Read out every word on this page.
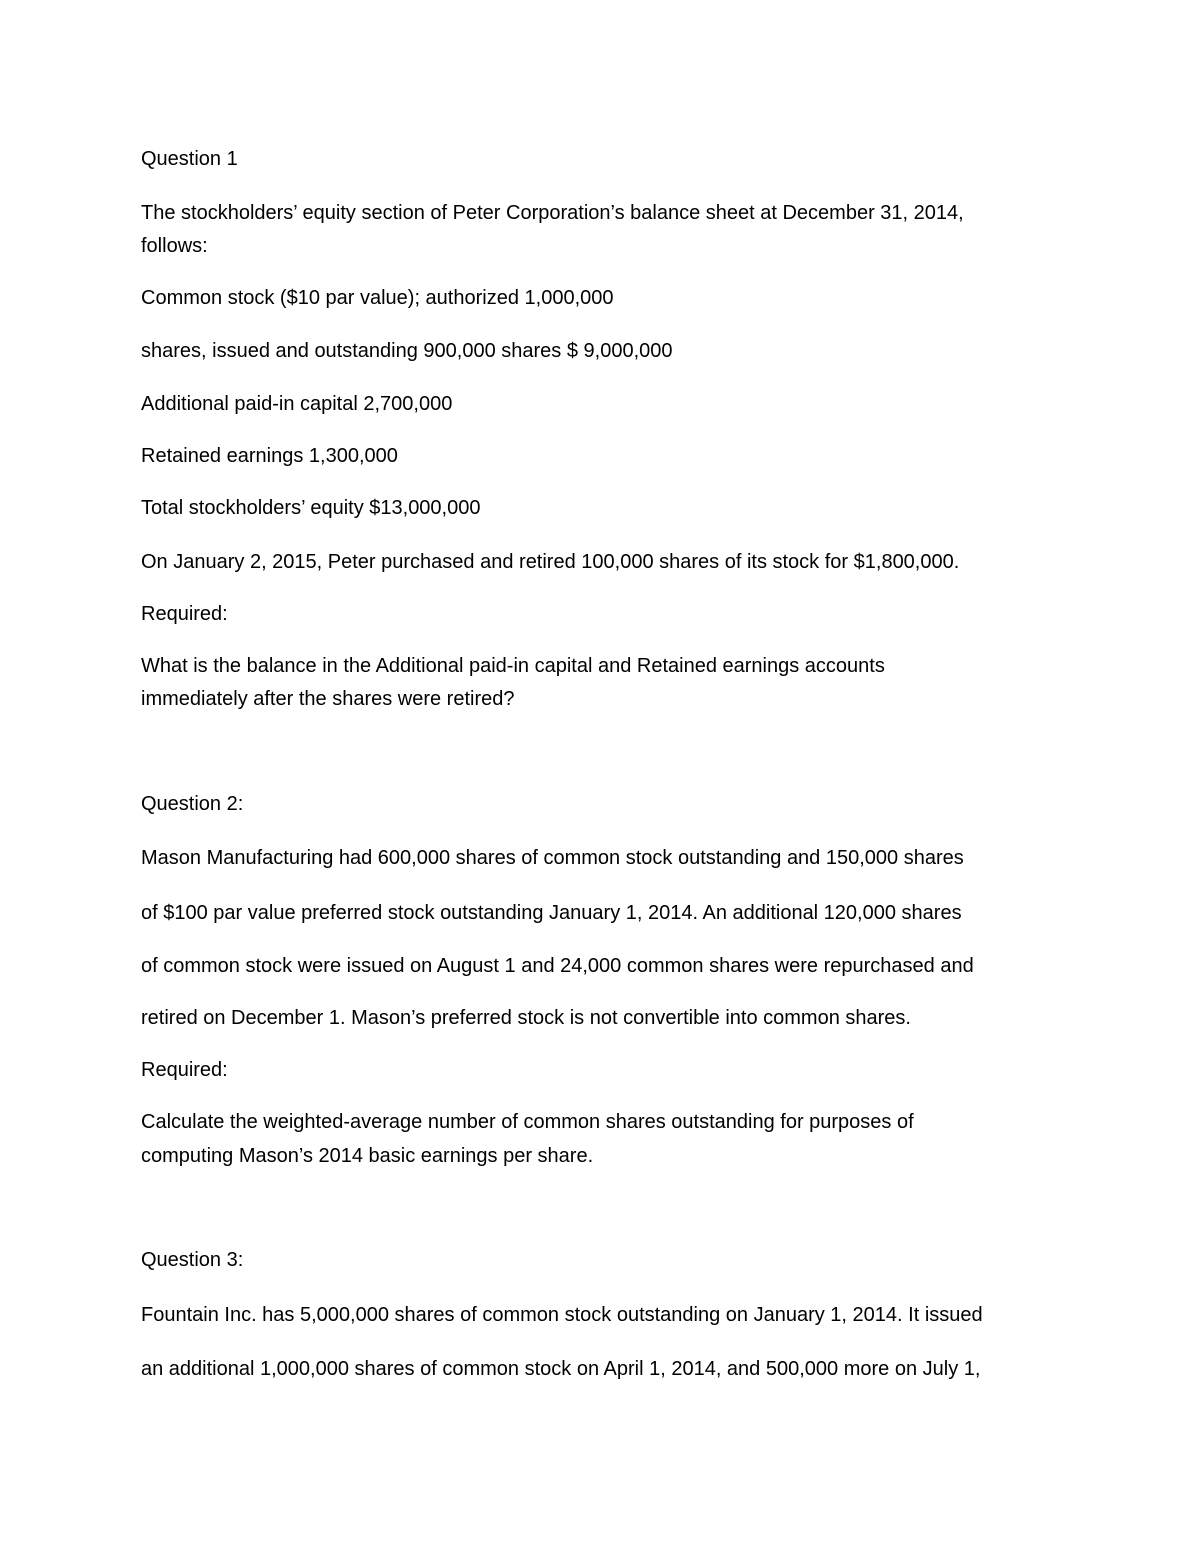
Question 1

The stockholders’ equity section of Peter Corporation’s balance sheet at December 31, 2014,

follows:

Common stock ($10 par value); authorized 1,000,000

shares, issued and outstanding 900,000 shares $ 9,000,000

Additional paid-in capital 2,700,000

Retained earnings 1,300,000

Total stockholders’ equity $13,000,000

On January 2, 2015, Peter purchased and retired 100,000 shares of its stock for $1,800,000.

Required:

What is the balance in the Additional paid-in capital and Retained earnings accounts

immediately after the shares were retired?

Question 2:

Mason Manufacturing had 600,000 shares of common stock outstanding and 150,000 shares

of $100 par value preferred stock outstanding January 1, 2014. An additional 120,000 shares

of common stock were issued on August 1 and 24,000 common shares were repurchased and

retired on December 1. Mason’s preferred stock is not convertible into common shares.

Required:

Calculate the weighted-average number of common shares outstanding for purposes of

computing Mason’s 2014 basic earnings per share.

Question 3:

Fountain Inc. has 5,000,000 shares of common stock outstanding on January 1, 2014. It issued

an additional 1,000,000 shares of common stock on April 1, 2014, and 500,000 more on July 1,
